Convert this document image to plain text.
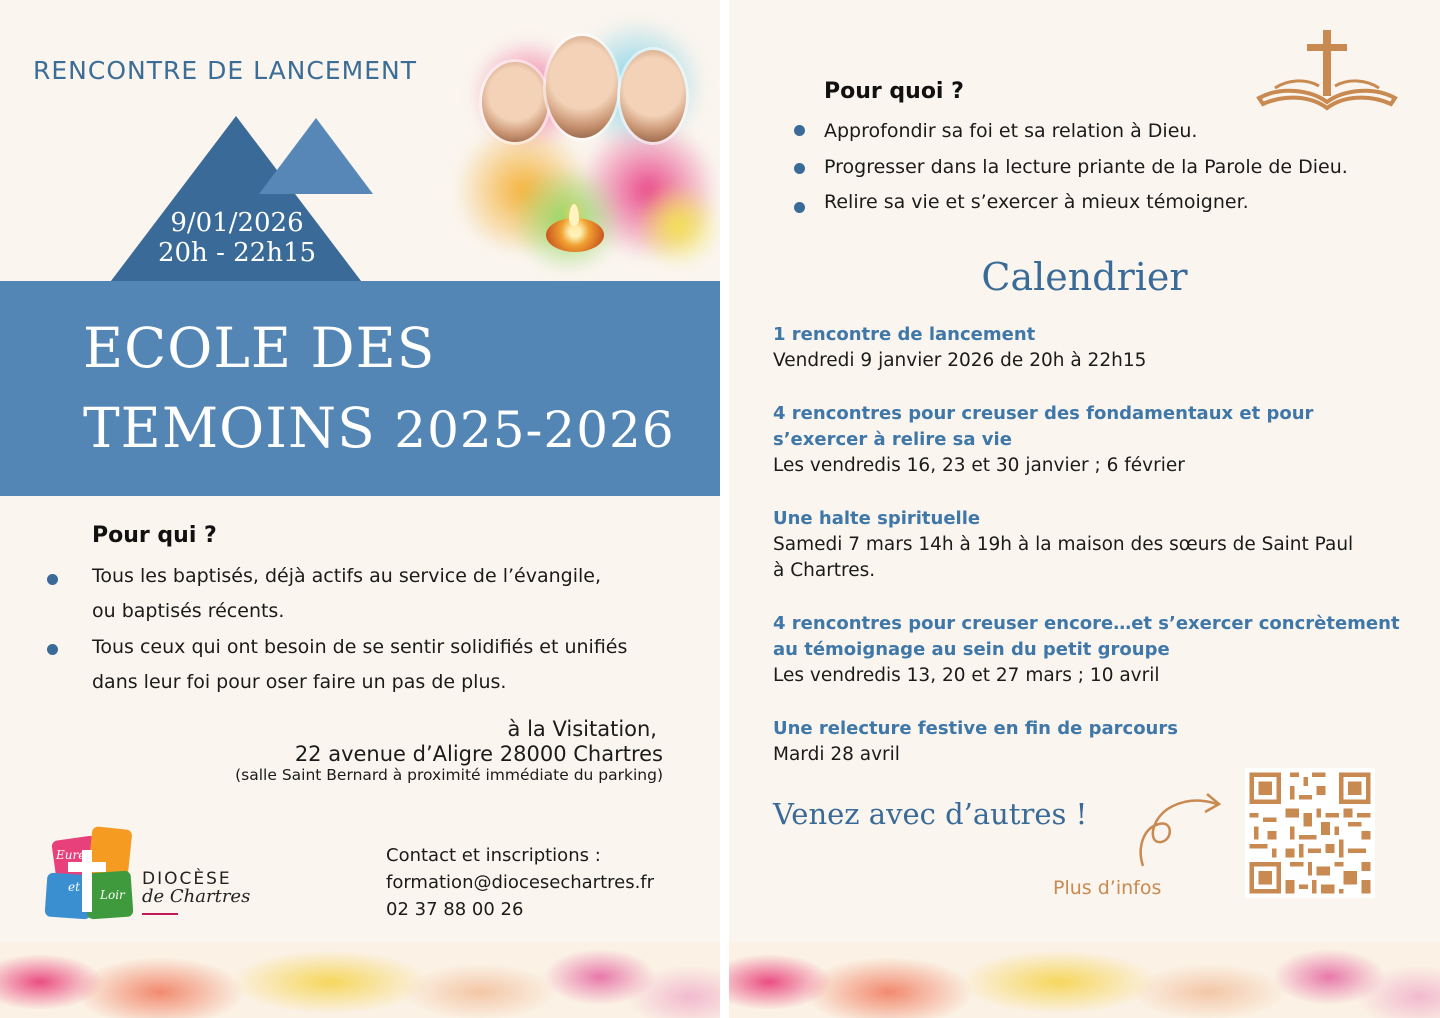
RENCONTRE DE LANCEMENT
9/01/2026
20h - 22h15
ECOLE DES
TEMOINS 2025-2026
Pour qui ?
Tous les baptisés, déjà actifs au service de l’évangile,
ou baptisés récents.
Tous ceux qui ont besoin de se sentir solidifiés et unifiés
dans leur foi pour oser faire un pas de plus.
à la Visitation,
22 avenue d’Aligre 28000 Chartres
(salle Saint Bernard à proximité immédiate du parking)
Eure
et
Loir
DIOCÈSE
de Chartres
Contact et inscriptions :
formation@diocesechartres.fr
02 37 88 00 26
Pour quoi ?
Approfondir sa foi et sa relation à Dieu.
Progresser dans la lecture priante de la Parole de Dieu.
Relire sa vie et s’exercer à mieux témoigner.
Calendrier
1 rencontre de lancement
Vendredi 9 janvier 2026 de 20h à 22h15
4 rencontres pour creuser des fondamentaux et pour
s’exercer à relire sa vie
Les vendredis 16, 23 et 30 janvier ; 6 février
Une halte spirituelle
Samedi 7 mars 14h à 19h à la maison des sœurs de Saint Paul
à Chartres.
4 rencontres pour creuser encore…et s’exercer concrètement
au témoignage au sein du petit groupe
Les vendredis 13, 20 et 27 mars ; 10 avril
Une relecture festive en fin de parcours
Mardi 28 avril
Venez avec d’autres !
Plus d’infos
